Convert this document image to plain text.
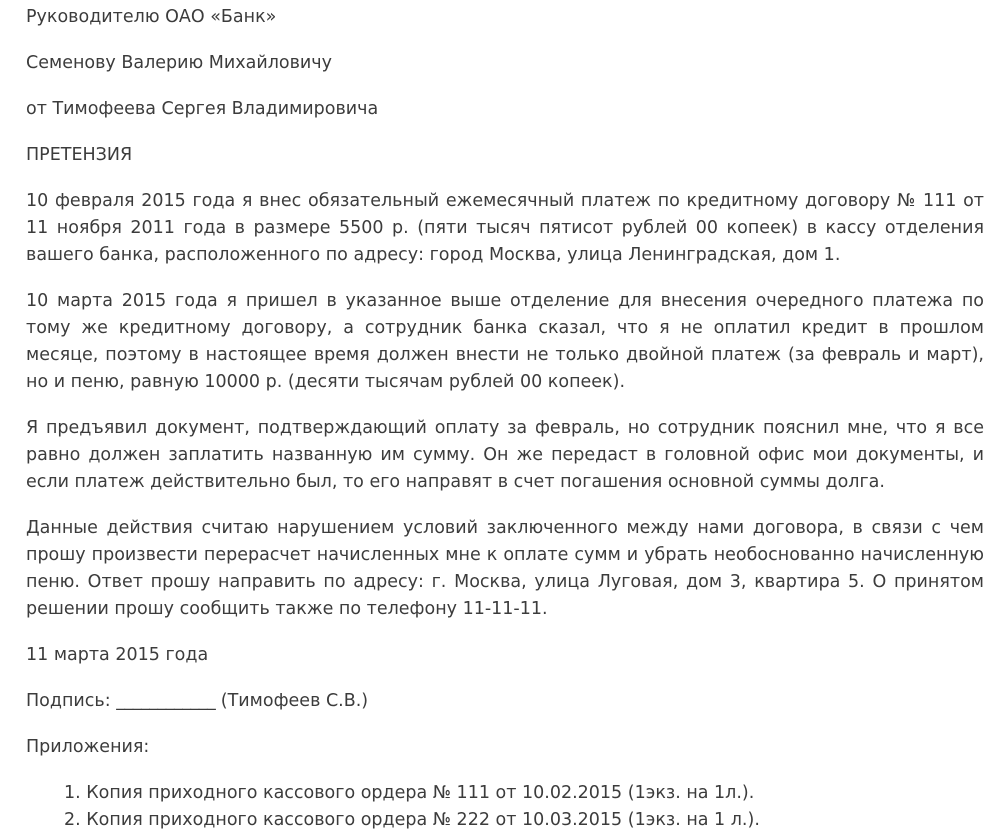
Руководителю ОАО «Банк»
Семенову Валерию Михайловичу
от Тимофеева Сергея Владимировича
ПРЕТЕНЗИЯ
10 февраля 2015 года я внес обязательный ежемесячный платеж по кредитному договору № 111 от 11 ноября 2011 года в размере 5500 р. (пяти тысяч пятисот рублей 00 копеек) в кассу отделения вашего банка, расположенного по адресу: город Москва, улица Ленинградская, дом 1.
10 марта 2015 года я пришел в указанное выше отделение для внесения очередного платежа по тому же кредитному договору, а сотрудник банка сказал, что я не оплатил кредит в прошлом месяце, поэтому в настоящее время должен внести не только двойной платеж (за февраль и март), но и пеню, равную 10000 р. (десяти тысячам рублей 00 копеек).
Я предъявил документ, подтверждающий оплату за февраль, но сотрудник пояснил мне, что я все равно должен заплатить названную им сумму. Он же передаст в головной офис мои документы, и если платеж действительно был, то его направят в счет погашения основной суммы долга.
Данные действия считаю нарушением условий заключенного между нами договора, в связи с чем прошу произвести перерасчет начисленных мне к оплате сумм и убрать необоснованно начисленную пеню. Ответ прошу направить по адресу: г. Москва, улица Луговая, дом 3, квартира 5. О принятом решении прошу сообщить также по телефону 11-11-11.
11 марта 2015 года
Подпись: ____________ (Тимофеев С.В.)
Приложения:
1. Копия приходного кассового ордера № 111 от 10.02.2015 (1экз. на 1л.).
2. Копия приходного кассового ордера № 222 от 10.03.2015 (1экз. на 1 л.).
